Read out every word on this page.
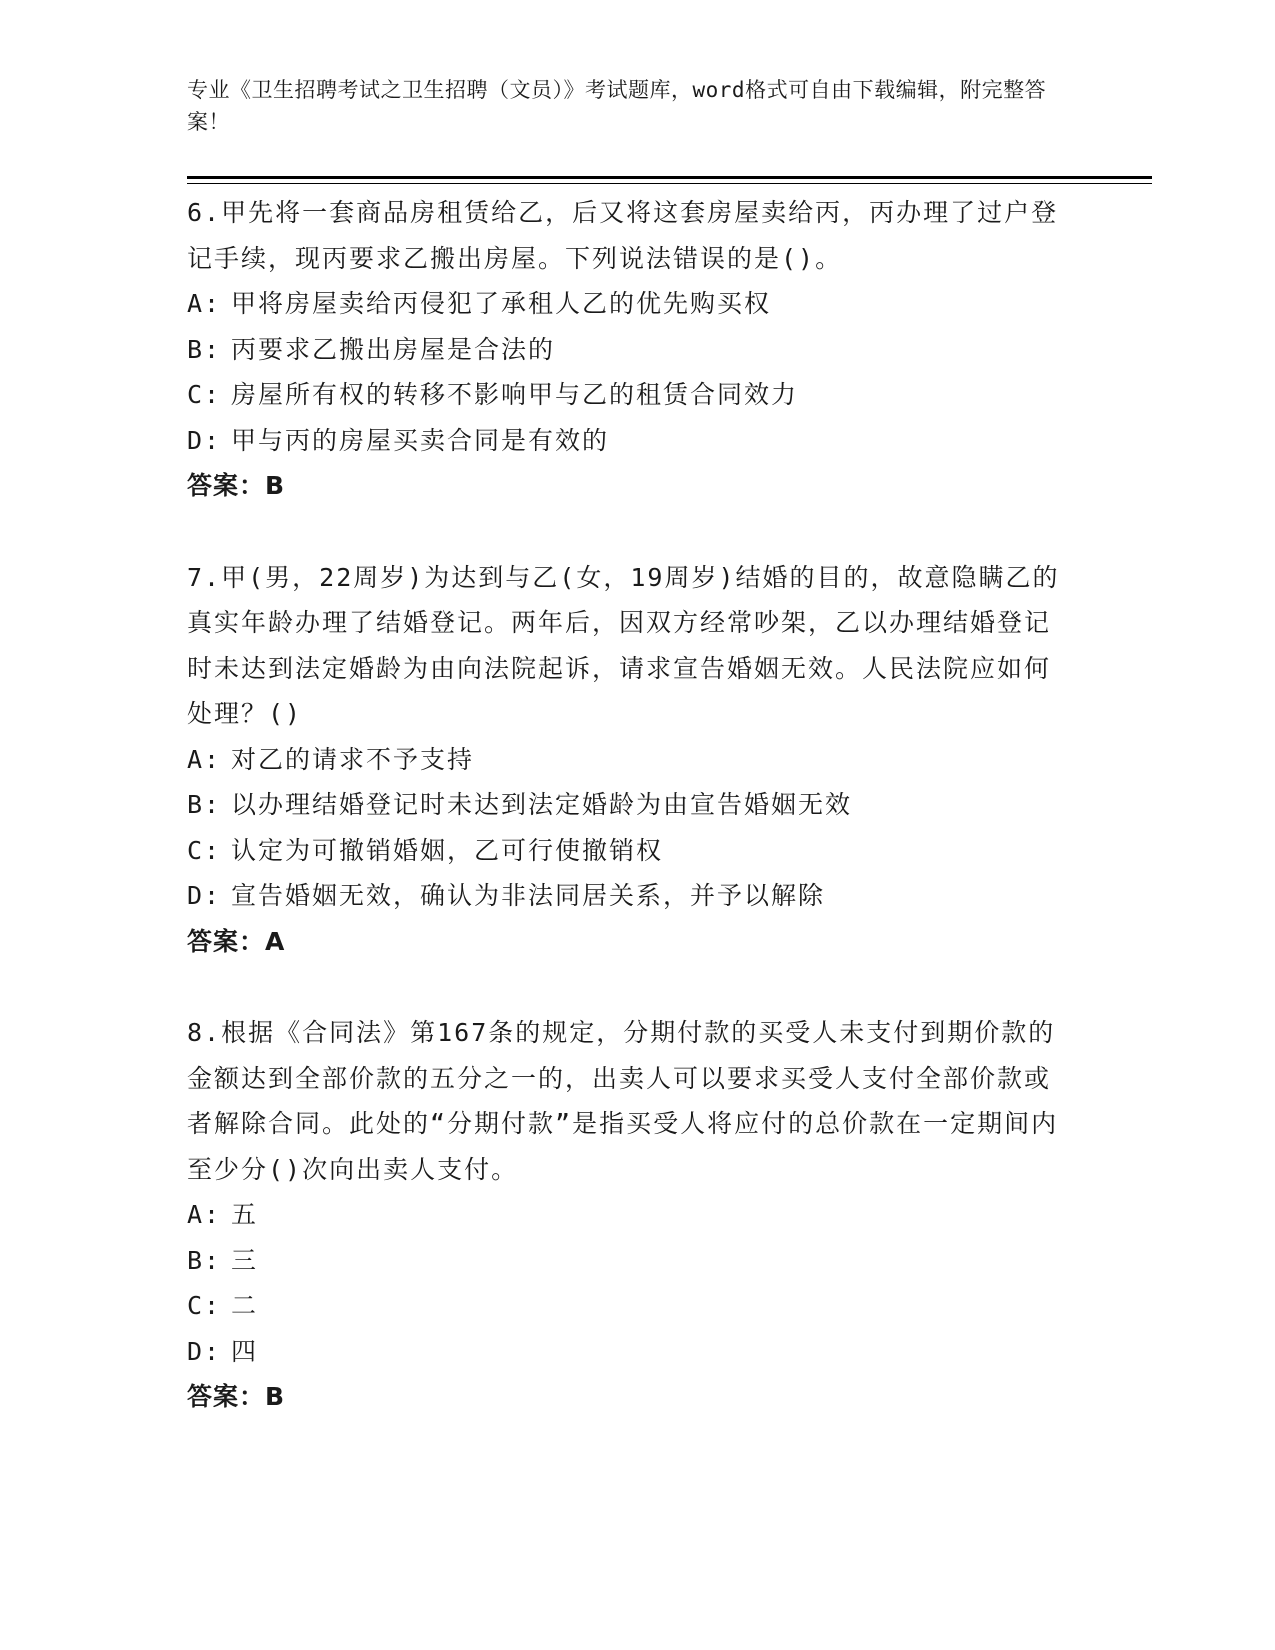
专业《卫生招聘考试之卫生招聘（文员）》考试题库，word格式可自由下载编辑，附完整答案！

6.甲先将一套商品房租赁给乙，后又将这套房屋卖给丙，丙办理了过户登记手续，现丙要求乙搬出房屋。下列说法错误的是()。

A: 甲将房屋卖给丙侵犯了承租人乙的优先购买权

B: 丙要求乙搬出房屋是合法的

C: 房屋所有权的转移不影响甲与乙的租赁合同效力

D: 甲与丙的房屋买卖合同是有效的

答案：B

7.甲(男，22周岁)为达到与乙(女，19周岁)结婚的目的，故意隐瞒乙的真实年龄办理了结婚登记。两年后，因双方经常吵架，乙以办理结婚登记时未达到法定婚龄为由向法院起诉，请求宣告婚姻无效。人民法院应如何处理？()

A: 对乙的请求不予支持

B: 以办理结婚登记时未达到法定婚龄为由宣告婚姻无效

C: 认定为可撤销婚姻，乙可行使撤销权

D: 宣告婚姻无效，确认为非法同居关系，并予以解除

答案：A

8.根据《合同法》第167条的规定，分期付款的买受人未支付到期价款的金额达到全部价款的五分之一的，出卖人可以要求买受人支付全部价款或者解除合同。此处的“分期付款”是指买受人将应付的总价款在一定期间内至少分()次向出卖人支付。

A: 五

B: 三

C: 二

D: 四

答案：B
